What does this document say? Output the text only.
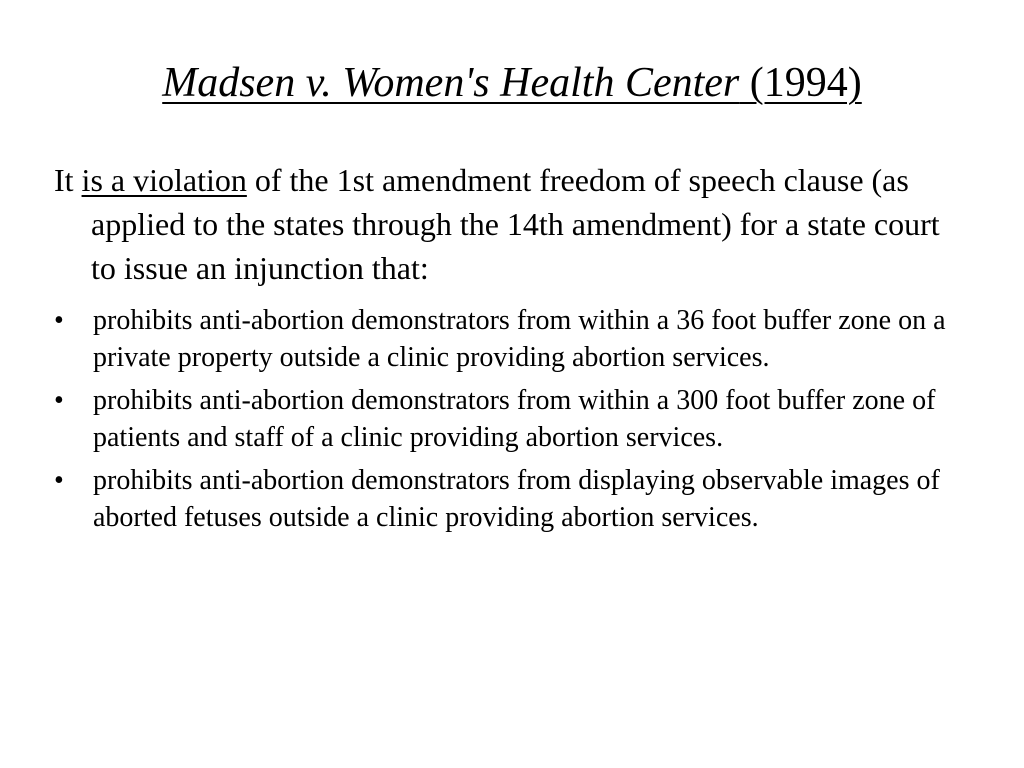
Madsen v. Women's Health Center (1994)

It is a violation of the 1st amendment freedom of speech clause (as applied to the states through the 14th amendment) for a state court to issue an injunction that:

• prohibits anti-abortion demonstrators from within a 36 foot buffer zone on a private property outside a clinic providing abortion services.
• prohibits anti-abortion demonstrators from within a 300 foot buffer zone of patients and staff of a clinic providing abortion services.
• prohibits anti-abortion demonstrators from displaying observable images of aborted fetuses outside a clinic providing abortion services.
